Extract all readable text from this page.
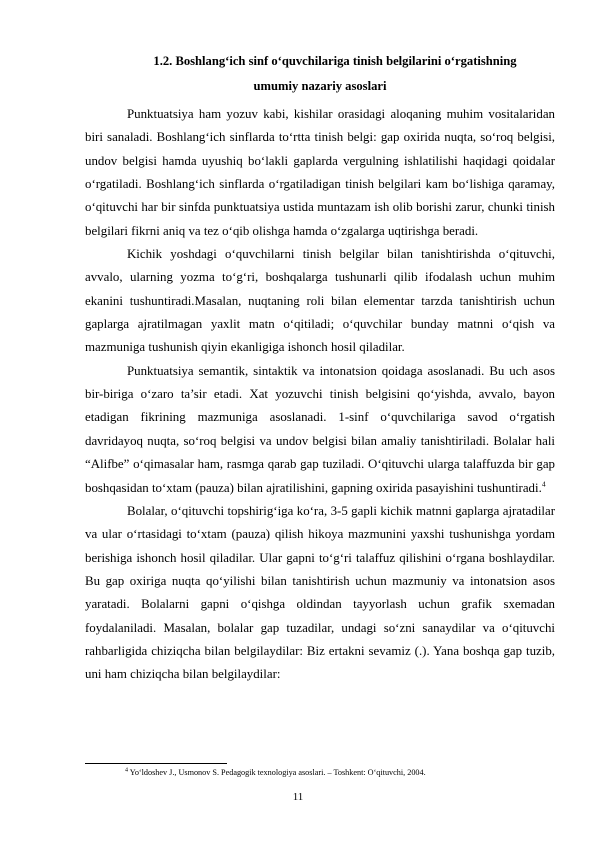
1.2. Boshlang‘ich sinf o‘quvchilariga tinish belgilarini o‘rgatishning
umumiy nazariy asoslari

Punktuatsiya ham yozuv kabi, kishilar orasidagi aloqaning muhim vositalaridan biri sanaladi. Boshlang‘ich sinflarda to‘rtta tinish belgi: gap oxirida nuqta, so‘roq belgisi, undov belgisi hamda uyushiq bo‘lakli gaplarda vergulning ishlatilishi haqidagi qoidalar o‘rgatiladi. Boshlang‘ich sinflarda o‘rgatiladigan tinish belgilari kam bo‘lishiga qaramay, o‘qituvchi har bir sinfda punktuatsiya ustida muntazam ish olib borishi zarur, chunki tinish belgilari fikrni aniq va tez o‘qib olishga hamda o‘zgalarga uqtirishga beradi.

Kichik yoshdagi o‘quvchilarni tinish belgilar bilan tanishtirishda o‘qituvchi, avvalo, ularning yozma to‘g‘ri, boshqalarga tushunarli qilib ifodalash uchun muhim ekanini tushuntiradi.Masalan, nuqtaning roli bilan elementar tarzda tanishtirish uchun gaplarga ajratilmagan yaxlit matn o‘qitiladi; o‘quvchilar bunday matnni o‘qish va mazmuniga tushunish qiyin ekanligiga ishonch hosil qiladilar.

Punktuatsiya semantik, sintaktik va intonatsion qoidaga asoslanadi. Bu uch asos bir-biriga o‘zaro ta’sir etadi. Xat yozuvchi tinish belgisini qo‘yishda, avvalo, bayon etadigan fikrining mazmuniga asoslanadi. 1-sinf o‘quvchilariga savod o‘rgatish davridayoq nuqta, so‘roq belgisi va undov belgisi bilan amaliy tanishtiriladi. Bolalar hali “Alifbe” o‘qimasalar ham, rasmga qarab gap tuziladi. O‘qituvchi ularga talaffuzda bir gap boshqasidan to‘xtam (pauza) bilan ajratilishini, gapning oxirida pasayishini tushuntiradi.$^4$

Bolalar, o‘qituvchi topshirig‘iga ko‘ra, 3-5 gapli kichik matnni gaplarga ajratadilar va ular o‘rtasidagi to‘xtam (pauza) qilish hikoya mazmunini yaxshi tushunishga yordam berishiga ishonch hosil qiladilar. Ular gapni to‘g‘ri talaffuz qilishini o‘rgana boshlaydilar. Bu gap oxiriga nuqta qo‘yilishi bilan tanishtirish uchun mazmuniy va intonatsion asos yaratadi. Bolalarni gapni o‘qishga oldindan tayyorlash uchun grafik sxemadan foydalaniladi. Masalan, bolalar gap tuzadilar, undagi so‘zni sanaydilar va o‘qituvchi rahbarligida chiziqcha bilan belgilaydilar: Biz ertakni sevamiz (.). Yana boshqa gap tuzib, uni ham chiziqcha bilan belgilaydilar:

$^4$ Yo‘ldoshev J., Usmonov S. Pedagogik texnologiya asoslari. – Toshkent: O‘qituvchi, 2004.
11
